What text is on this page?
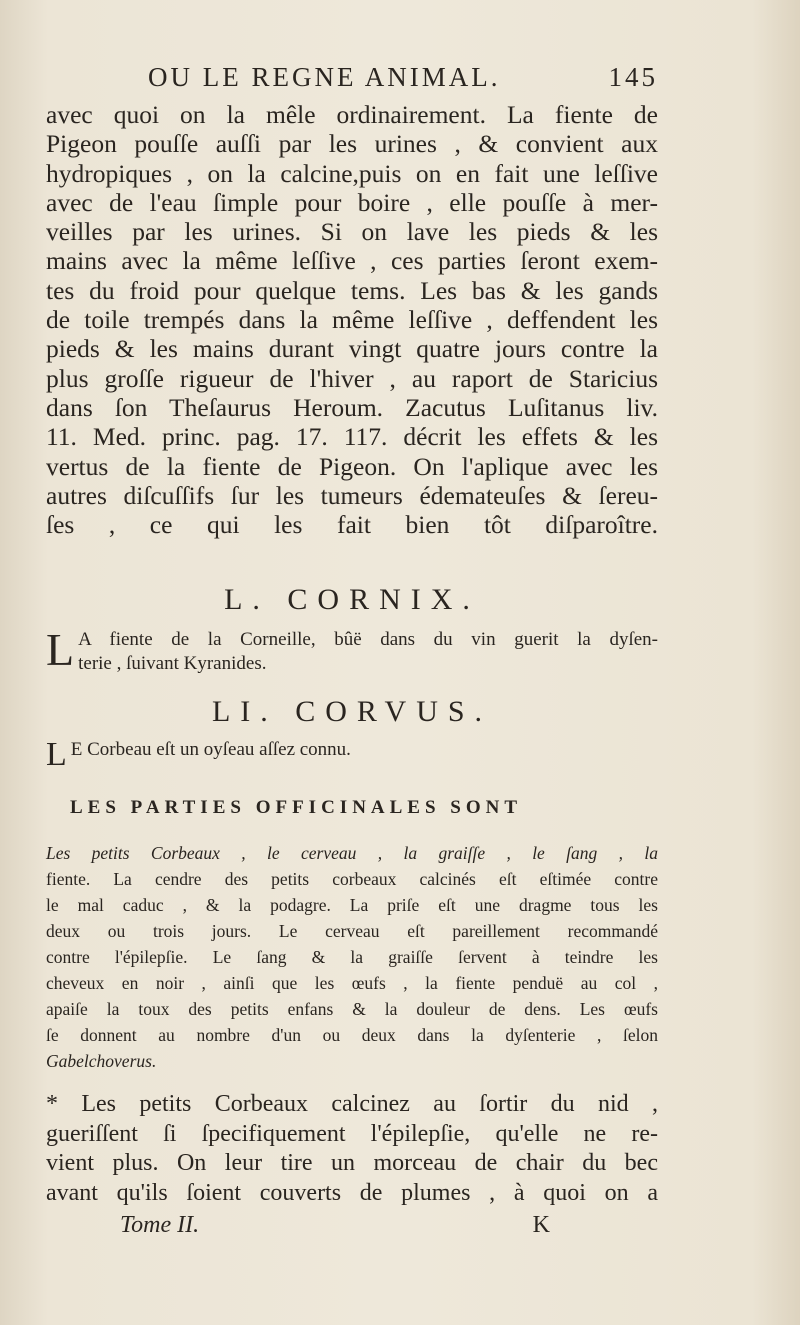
OU LE REGNE ANIMAL.	145
avec quoi on la mêle ordinairement. La fiente de
Pigeon pouſſe auſſi par les urines , & convient aux
hydropiques , on la calcine,puis on en fait une leſſive
avec de l'eau ſimple pour boire , elle pouſſe à mer-
veilles par les urines. Si on lave les pieds & les
mains avec la même leſſive , ces parties ſeront exem-
tes du froid pour quelque tems. Les bas & les gands
de toile trempés dans la même leſſive , deffendent les
pieds & les mains durant vingt quatre jours contre la
plus groſſe rigueur de l'hiver , au raport de Staricius
dans ſon Theſaurus Heroum. Zacutus Luſitanus liv.
11. Med. princ. pag. 17. 117. décrit les effets & les
vertus de la fiente de Pigeon. On l'aplique avec les
autres diſcuſſifs ſur les tumeurs édemateuſes & ſereu-
ſes , ce qui les fait bien tôt diſparoître.
L. CORNIX.
L A fiente de la Corneille, bûë dans du vin guerit la dyſen-
terie , ſuivant Kyranides.
LI. CORVUS.
L E Corbeau eſt un oyſeau aſſez connu.
LES PARTIES OFFICINALES SONT
Les petits Corbeaux , le cerveau , la graiſſe , le ſang , la
fiente. La cendre des petits corbeaux calcinés eſt eſtimée contre
le mal caduc , & la podagre. La priſe eſt une dragme tous les
deux ou trois jours. Le cerveau eſt pareillement recommandé
contre l'épilepſie. Le ſang & la graiſſe ſervent à teindre les
cheveux en noir , ainſi que les œufs , la fiente penduë au col ,
apaiſe la toux des petits enfans & la douleur de dens. Les œufs
ſe donnent au nombre d'un ou deux dans la dyſenterie , ſelon
Gabelchoverus.
* Les petits Corbeaux calcinez au ſortir du nid ,
gueriſſent ſi ſpecifiquement l'épilepſie, qu'elle ne re-
vient plus. On leur tire un morceau de chair du bec
avant qu'ils ſoient couverts de plumes , à quoi on a
Tome II.	K
